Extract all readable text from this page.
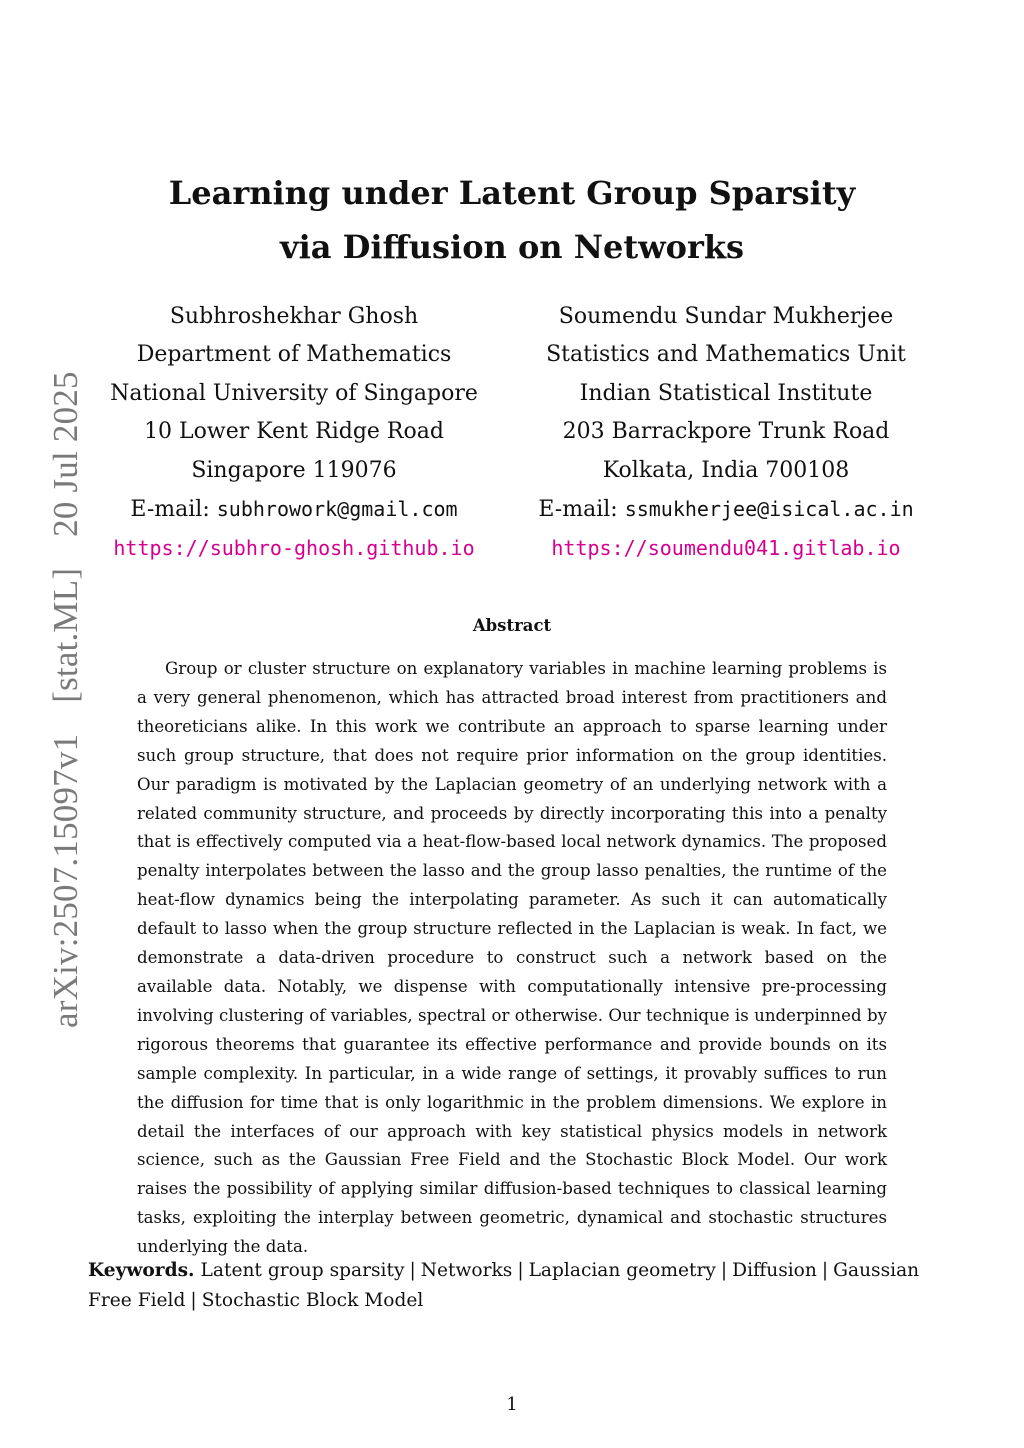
arXiv:2507.15097v1 [stat.ML] 20 Jul 2025
Learning under Latent Group Sparsity
via Diffusion on Networks
Subhroshekhar Ghosh
Department of Mathematics
National University of Singapore
10 Lower Kent Ridge Road
Singapore 119076
E-mail: subhrowork@gmail.com
https://subhro-ghosh.github.io
Soumendu Sundar Mukherjee
Statistics and Mathematics Unit
Indian Statistical Institute
203 Barrackpore Trunk Road
Kolkata, India 700108
E-mail: ssmukherjee@isical.ac.in
https://soumendu041.gitlab.io
Abstract
Group or cluster structure on explanatory variables in machine learning problems is a very general phenomenon, which has attracted broad interest from practitioners and theoreticians alike. In this work we contribute an approach to sparse learning under such group structure, that does not require prior information on the group identities. Our paradigm is motivated by the Laplacian geometry of an underlying network with a related community structure, and proceeds by directly incorporating this into a penalty that is effectively computed via a heat-flow-based local network dynamics. The proposed penalty interpolates between the lasso and the group lasso penalties, the runtime of the heat-flow dynamics being the interpolating parameter. As such it can automatically default to lasso when the group structure reflected in the Laplacian is weak. In fact, we demonstrate a data-driven procedure to construct such a network based on the available data. Notably, we dispense with computationally intensive pre-processing involving clustering of variables, spectral or otherwise. Our technique is underpinned by rigorous theorems that guarantee its effective performance and provide bounds on its sample complexity. In particular, in a wide range of settings, it provably suffices to run the diffusion for time that is only logarithmic in the problem dimensions. We explore in detail the interfaces of our approach with key statistical physics models in network science, such as the Gaussian Free Field and the Stochastic Block Model. Our work raises the possibility of applying similar diffusion-based techniques to classical learning tasks, exploiting the interplay between geometric, dynamical and stochastic structures underlying the data.
Keywords. Latent group sparsity | Networks | Laplacian geometry | Diffusion | Gaussian Free Field | Stochastic Block Model
1
